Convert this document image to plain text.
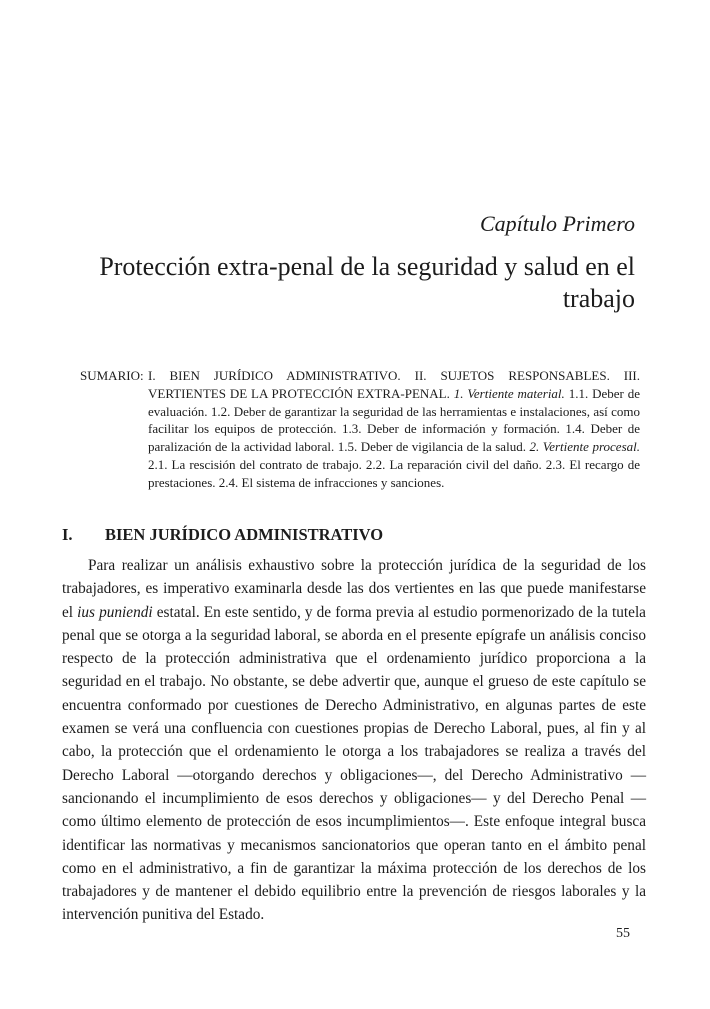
Capítulo Primero
Protección extra-penal de la seguridad y salud en el trabajo
SUMARIO: I. BIEN JURÍDICO ADMINISTRATIVO. II. SUJETOS RESPONSABLES. III. VERTIENTES DE LA PROTECCIÓN EXTRA-PENAL. 1. Vertiente material. 1.1. Deber de evaluación. 1.2. Deber de garantizar la seguridad de las herramientas e instalaciones, así como facilitar los equipos de protección. 1.3. Deber de información y formación. 1.4. Deber de paralización de la actividad laboral. 1.5. Deber de vigilancia de la salud. 2. Vertiente procesal. 2.1. La rescisión del contrato de trabajo. 2.2. La reparación civil del daño. 2.3. El recargo de prestaciones. 2.4. El sistema de infracciones y sanciones.
I. BIEN JURÍDICO ADMINISTRATIVO

Para realizar un análisis exhaustivo sobre la protección jurídica de la seguridad de los trabajadores, es imperativo examinarla desde las dos vertientes en las que puede manifestarse el ius puniendi estatal. En este sentido, y de forma previa al estudio pormenorizado de la tutela penal que se otorga a la seguridad laboral, se aborda en el presente epígrafe un análisis conciso respecto de la protección administrativa que el ordenamiento jurídico proporciona a la seguridad en el trabajo. No obstante, se debe advertir que, aunque el grueso de este capítulo se encuentra conformado por cuestiones de Derecho Administrativo, en algunas partes de este examen se verá una confluencia con cuestiones propias de Derecho Laboral, pues, al fin y al cabo, la protección que el ordenamiento le otorga a los trabajadores se realiza a través del Derecho Laboral —otorgando derechos y obligaciones—, del Derecho Administrativo —sancionando el incumplimiento de esos derechos y obligaciones— y del Derecho Penal —como último elemento de protección de esos incumplimientos—. Este enfoque integral busca identificar las normativas y mecanismos sancionatorios que operan tanto en el ámbito penal como en el administrativo, a fin de garantizar la máxima protección de los derechos de los trabajadores y de mantener el debido equilibrio entre la prevención de riesgos laborales y la intervención punitiva del Estado.

55
